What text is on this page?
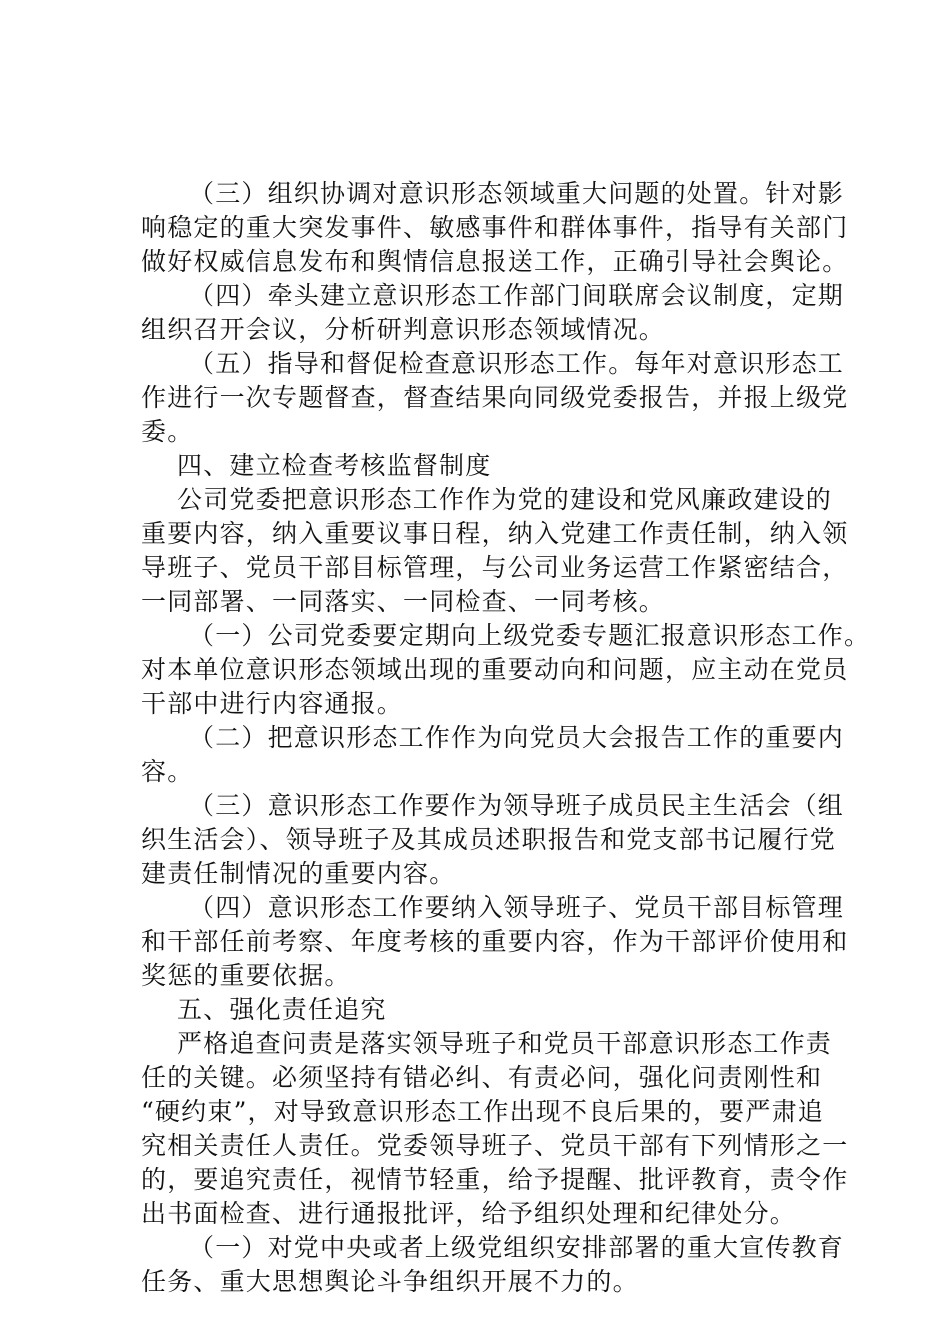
（三）组织协调对意识形态领域重大问题的处置。针对影
响稳定的重大突发事件、敏感事件和群体事件，指导有关部门
做好权威信息发布和舆情信息报送工作，正确引导社会舆论。
（四）牵头建立意识形态工作部门间联席会议制度，定期
组织召开会议，分析研判意识形态领域情况。
（五）指导和督促检查意识形态工作。每年对意识形态工
作进行一次专题督查，督查结果向同级党委报告，并报上级党
委。
四、建立检查考核监督制度
公司党委把意识形态工作作为党的建设和党风廉政建设的
重要内容，纳入重要议事日程，纳入党建工作责任制，纳入领
导班子、党员干部目标管理，与公司业务运营工作紧密结合，
一同部署、一同落实、一同检查、一同考核。
（一）公司党委要定期向上级党委专题汇报意识形态工作。
对本单位意识形态领域出现的重要动向和问题，应主动在党员
干部中进行内容通报。
（二）把意识形态工作作为向党员大会报告工作的重要内
容。
（三）意识形态工作要作为领导班子成员民主生活会（组
织生活会）、领导班子及其成员述职报告和党支部书记履行党
建责任制情况的重要内容。
（四）意识形态工作要纳入领导班子、党员干部目标管理
和干部任前考察、年度考核的重要内容，作为干部评价使用和
奖惩的重要依据。
五、强化责任追究
严格追查问责是落实领导班子和党员干部意识形态工作责
任的关键。必须坚持有错必纠、有责必问，强化问责刚性和
“硬约束”，对导致意识形态工作出现不良后果的，要严肃追
究相关责任人责任。党委领导班子、党员干部有下列情形之一
的，要追究责任，视情节轻重，给予提醒、批评教育，责令作
出书面检查、进行通报批评，给予组织处理和纪律处分。
（一）对党中央或者上级党组织安排部署的重大宣传教育
任务、重大思想舆论斗争组织开展不力的。
